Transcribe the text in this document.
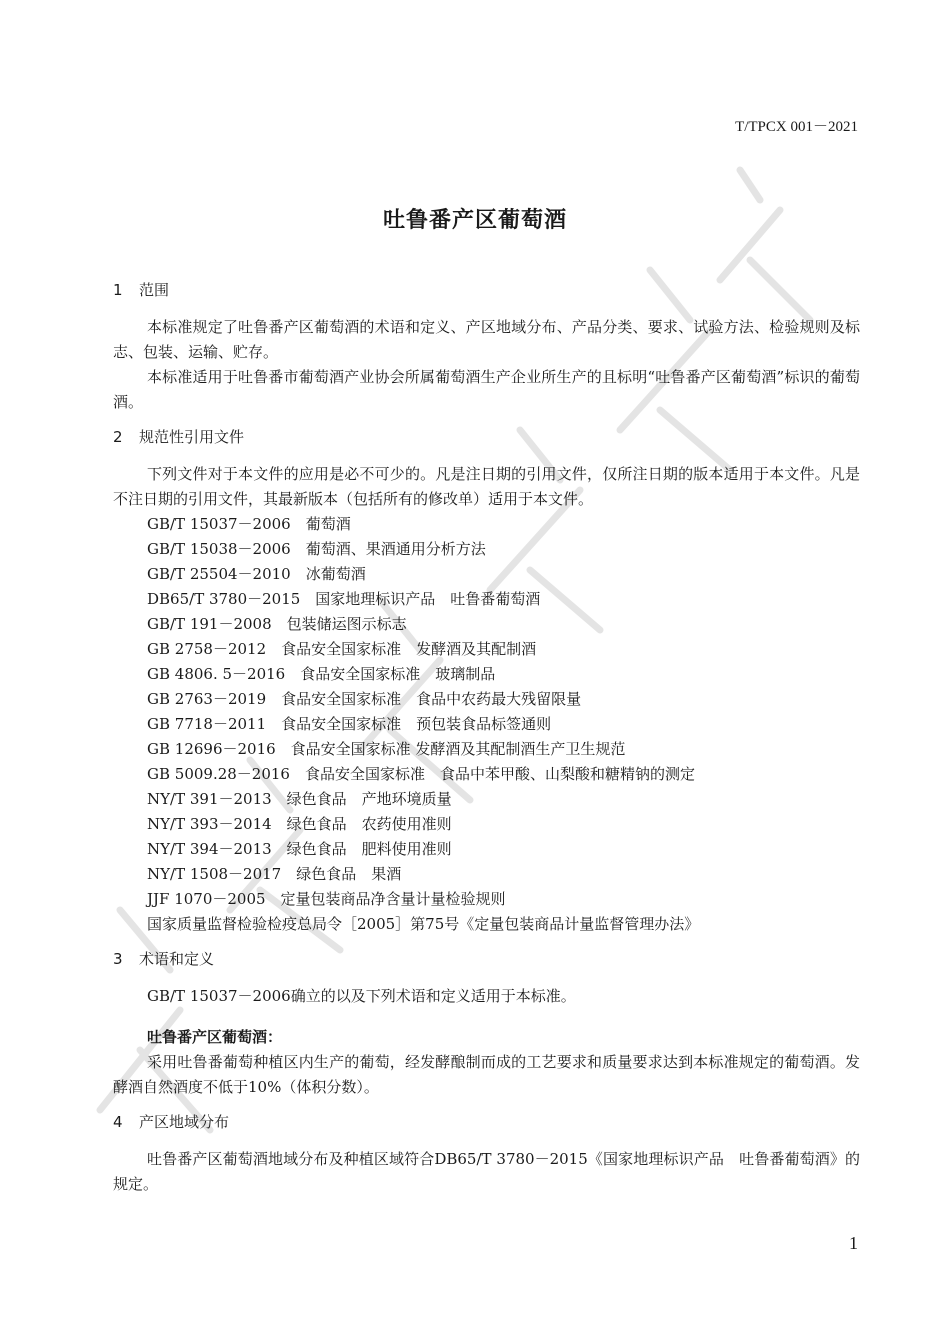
T/TPCX 001－2021
吐鲁番产区葡萄酒
1 范围

本标准规定了吐鲁番产区葡萄酒的术语和定义、产区地域分布、产品分类、要求、试验方法、检验规则及标志、包装、运输、贮存。

本标准适用于吐鲁番市葡萄酒产业协会所属葡萄酒生产企业所生产的且标明“吐鲁番产区葡萄酒”标识的葡萄酒。

2 规范性引用文件

下列文件对于本文件的应用是必不可少的。凡是注日期的引用文件，仅所注日期的版本适用于本文件。凡是不注日期的引用文件，其最新版本（包括所有的修改单）适用于本文件。

GB/T 15037－2006　葡萄酒

GB/T 15038－2006　葡萄酒、果酒通用分析方法

GB/T 25504－2010　冰葡萄酒

DB65/T 3780－2015　国家地理标识产品　吐鲁番葡萄酒

GB/T 191－2008　包装储运图示标志

GB 2758－2012　食品安全国家标准　发酵酒及其配制酒

GB 4806. 5－2016　食品安全国家标准　玻璃制品

GB 2763－2019　食品安全国家标准　食品中农药最大残留限量

GB 7718－2011　食品安全国家标准　预包装食品标签通则

GB 12696－2016　食品安全国家标准 发酵酒及其配制酒生产卫生规范

GB 5009.28－2016　食品安全国家标准　食品中苯甲酸、山梨酸和糖精钠的测定

NY/T 391－2013　绿色食品　产地环境质量

NY/T 393－2014　绿色食品　农药使用准则

NY/T 394－2013　绿色食品　肥料使用准则

NY/T 1508－2017　绿色食品　果酒

JJF 1070－2005　定量包装商品净含量计量检验规则

国家质量监督检验检疫总局令［2005］第75号《定量包装商品计量监督管理办法》

3 术语和定义

GB/T 15037－2006确立的以及下列术语和定义适用于本标准。

吐鲁番产区葡萄酒：

采用吐鲁番葡萄种植区内生产的葡萄，经发酵酿制而成的工艺要求和质量要求达到本标准规定的葡萄酒。发酵酒自然酒度不低于10%（体积分数）。

4 产区地域分布

吐鲁番产区葡萄酒地域分布及种植区域符合DB65/T 3780－2015《国家地理标识产品　吐鲁番葡萄酒》的规定。

1
